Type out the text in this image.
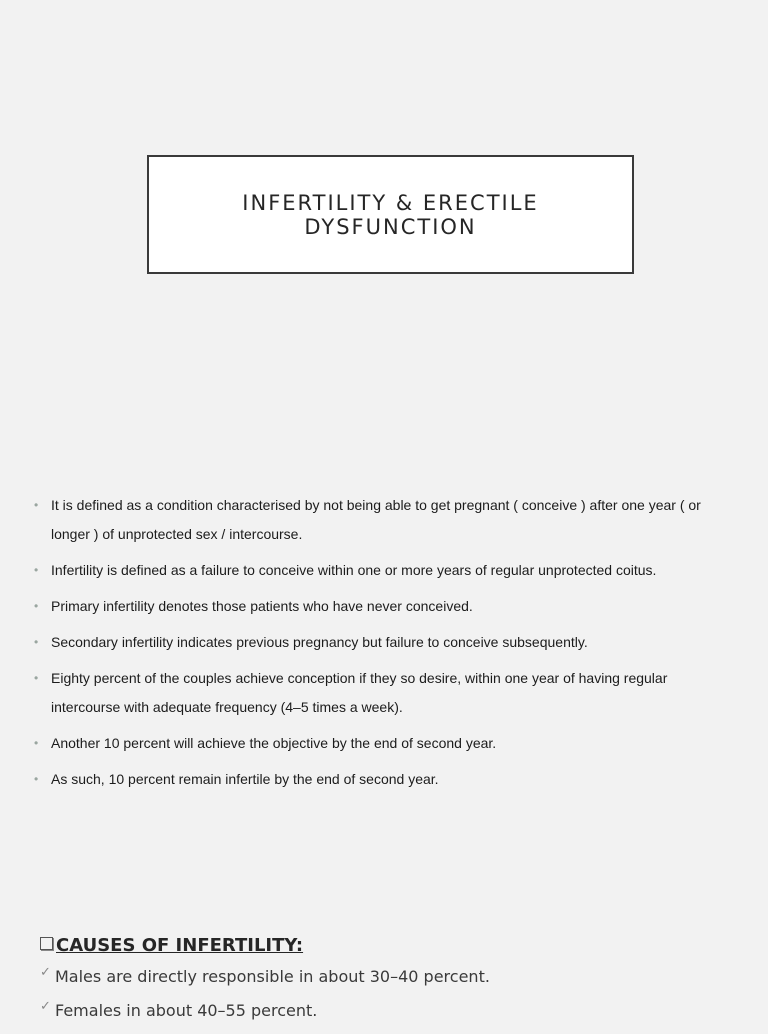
INFERTILITY & ERECTILE DYSFUNCTION
• It is defined as a condition characterised by not being able to get pregnant ( conceive ) after one year ( or longer ) of unprotected sex / intercourse.
• Infertility is defined as a failure to conceive within one or more years of regular unprotected coitus.
• Primary infertility denotes those patients who have never conceived.
• Secondary infertility indicates previous pregnancy but failure to conceive subsequently.
• Eighty percent of the couples achieve conception if they so desire, within one year of having regular intercourse with adequate frequency (4–5 times a week).
• Another 10 percent will achieve the objective by the end of second year.
• As such, 10 percent remain infertile by the end of second year.
CAUSES OF INFERTILITY:
✓ Males are directly responsible in about 30–40 percent.
✓ Females in about 40–55 percent.
